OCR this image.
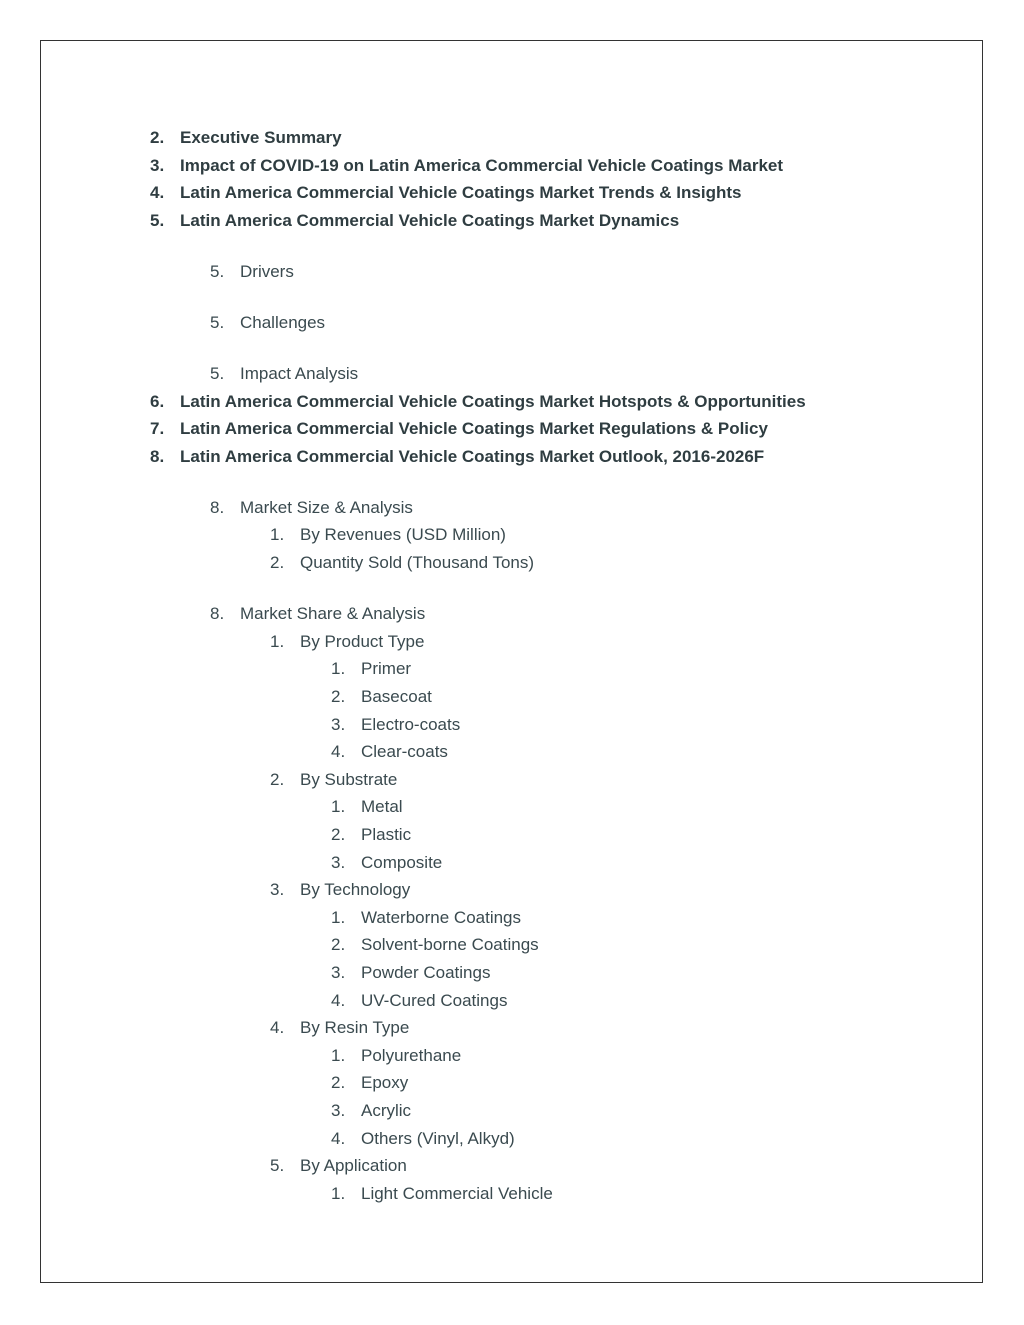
2. Executive Summary
3. Impact of COVID-19 on Latin America Commercial Vehicle Coatings Market
4. Latin America Commercial Vehicle Coatings Market Trends & Insights
5. Latin America Commercial Vehicle Coatings Market Dynamics
5. Drivers
5. Challenges
5. Impact Analysis
6. Latin America Commercial Vehicle Coatings Market Hotspots & Opportunities
7. Latin America Commercial Vehicle Coatings Market Regulations & Policy
8. Latin America Commercial Vehicle Coatings Market Outlook, 2016-2026F
8. Market Size & Analysis
1. By Revenues (USD Million)
2. Quantity Sold (Thousand Tons)
8. Market Share & Analysis
1. By Product Type
1. Primer
2. Basecoat
3. Electro-coats
4. Clear-coats
2. By Substrate
1. Metal
2. Plastic
3. Composite
3. By Technology
1. Waterborne Coatings
2. Solvent-borne Coatings
3. Powder Coatings
4. UV-Cured Coatings
4. By Resin Type
1. Polyurethane
2. Epoxy
3. Acrylic
4. Others (Vinyl, Alkyd)
5. By Application
1. Light Commercial Vehicle
